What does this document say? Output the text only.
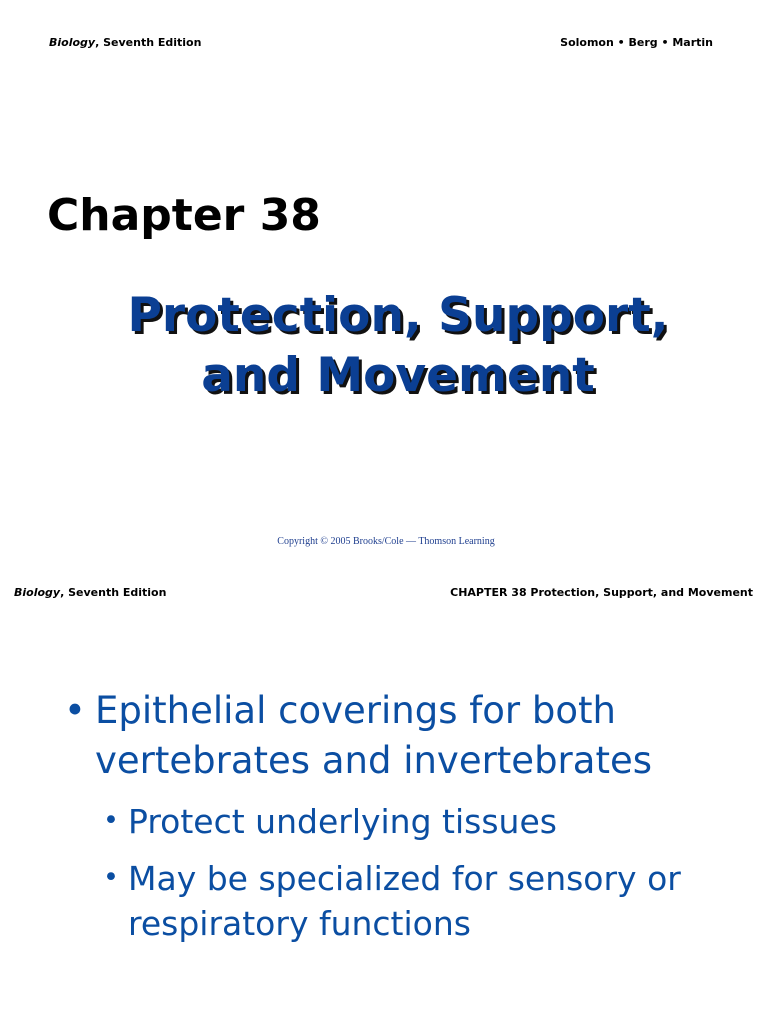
Biology, Seventh Edition	Solomon • Berg • Martin
Chapter 38
Protection, Support,
and Movement
Copyright © 2005 Brooks/Cole — Thomson Learning
Biology, Seventh Edition	CHAPTER 38 Protection, Support, and Movement
• Epithelial coverings for both vertebrates and invertebrates
• Protect underlying tissues
• May be specialized for sensory or respiratory functions
